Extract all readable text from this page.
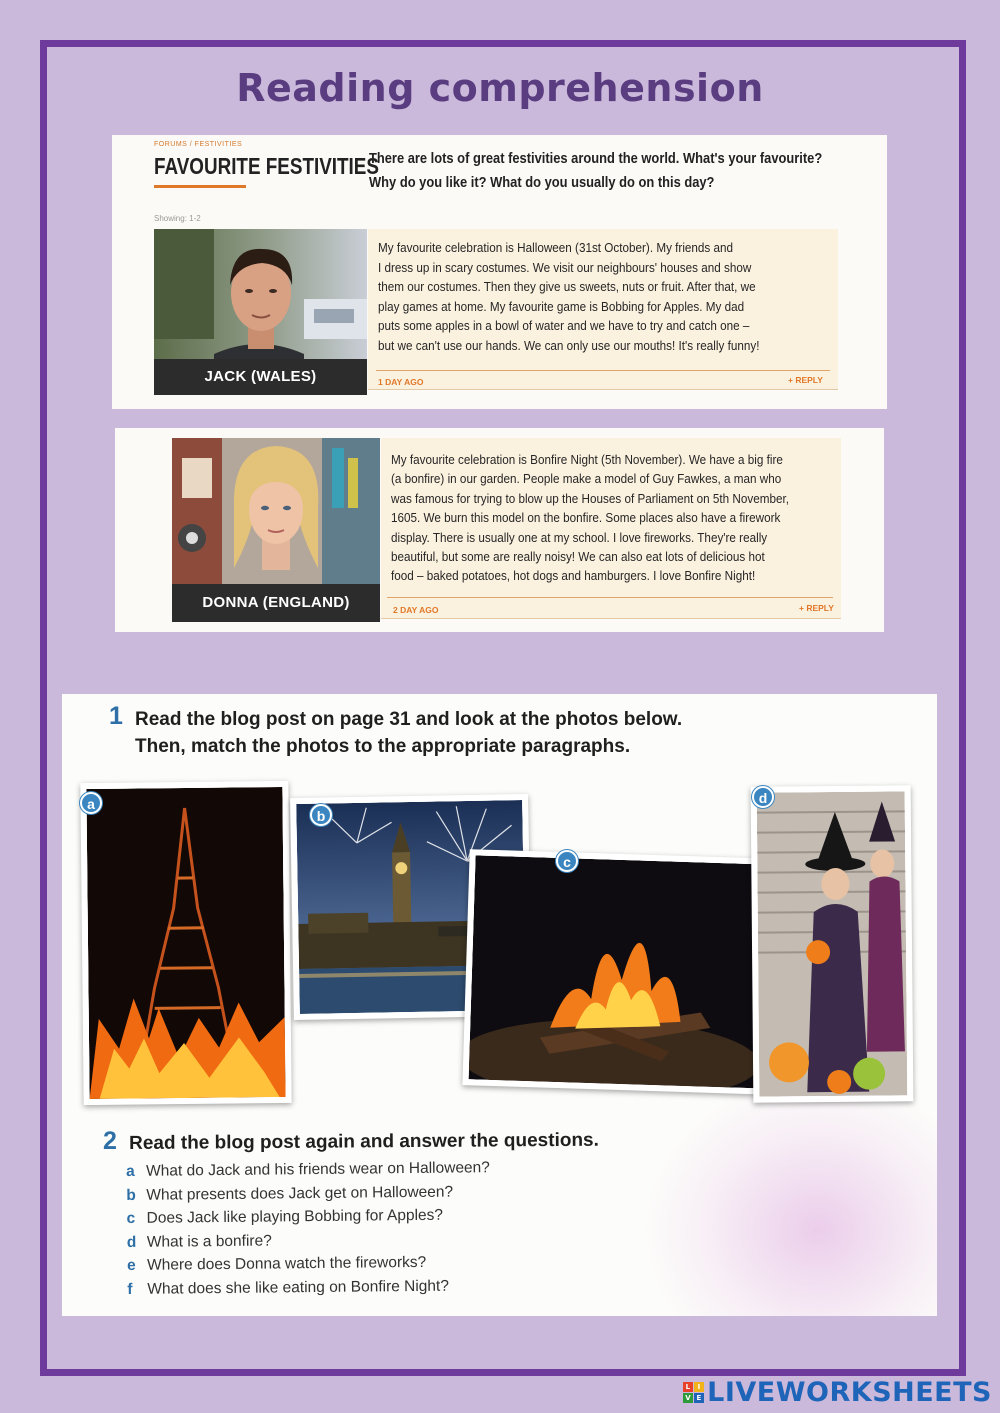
Reading comprehension
FORUMS / FESTIVITIES
FAVOURITE FESTIVITIES
There are lots of great festivities around the world. What's your favourite?
Why do you like it? What do you usually do on this day?
Showing: 1-2
JACK (WALES)
My favourite celebration is Halloween (31st October). My friends and
I dress up in scary costumes. We visit our neighbours' houses and show
them our costumes. Then they give us sweets, nuts or fruit. After that, we
play games at home. My favourite game is Bobbing for Apples. My dad
puts some apples in a bowl of water and we have to try and catch one –
but we can't use our hands. We can only use our mouths! It's really funny!
1 DAY AGO	+ REPLY
DONNA (ENGLAND)
My favourite celebration is Bonfire Night (5th November). We have a big fire
(a bonfire) in our garden. People make a model of Guy Fawkes, a man who
was famous for trying to blow up the Houses of Parliament on 5th November,
1605. We burn this model on the bonfire. Some places also have a firework
display. There is usually one at my school. I love fireworks. They're really
beautiful, but some are really noisy! We can also eat lots of delicious hot
food – baked potatoes, hot dogs and hamburgers. I love Bonfire Night!
2 DAY AGO	+ REPLY
1 Read the blog post on page 31 and look at the photos below.
Then, match the photos to the appropriate paragraphs.
a
b
c
d
2 Read the blog post again and answer the questions.
a What do Jack and his friends wear on Halloween?
b What presents does Jack get on Halloween?
c Does Jack like playing Bobbing for Apples?
d What is a bonfire?
e Where does Donna watch the fireworks?
f What does she like eating on Bonfire Night?
L I
V E LIVEWORKSHEETS
